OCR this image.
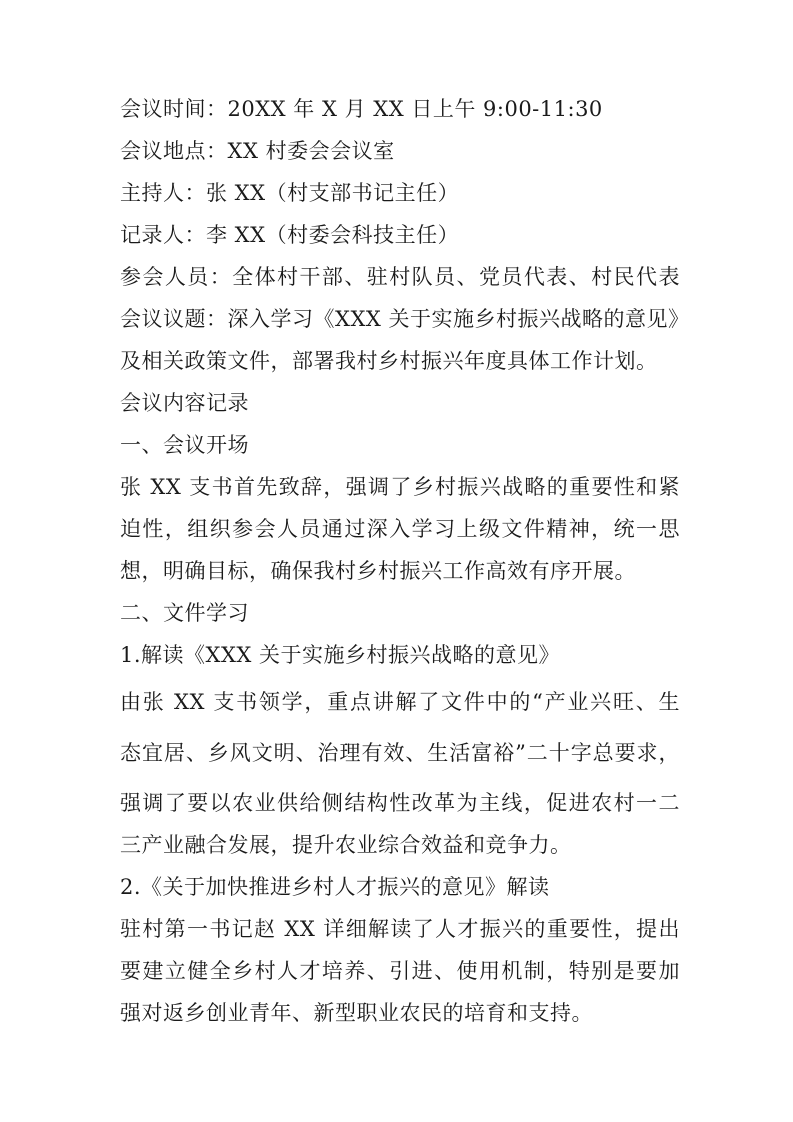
会议时间：20XX 年 X 月 XX 日上午 9:00-11:30
会议地点：XX 村委会会议室
主持人：张 XX（村支部书记主任）
记录人：李 XX（村委会科技主任）
参会人员：全体村干部、驻村队员、党员代表、村民代表
会议议题：深入学习《XXX 关于实施乡村振兴战略的意见》
及相关政策文件，部署我村乡村振兴年度具体工作计划。
会议内容记录
一、会议开场
张 XX 支书首先致辞，强调了乡村振兴战略的重要性和紧
迫性，组织参会人员通过深入学习上级文件精神，统一思
想，明确目标，确保我村乡村振兴工作高效有序开展。
二、文件学习
1.解读《XXX 关于实施乡村振兴战略的意见》
由张 XX 支书领学，重点讲解了文件中的“产业兴旺、生
态宜居、乡风文明、治理有效、生活富裕”二十字总要求，
强调了要以农业供给侧结构性改革为主线，促进农村一二
三产业融合发展，提升农业综合效益和竞争力。
2.《关于加快推进乡村人才振兴的意见》解读
驻村第一书记赵 XX 详细解读了人才振兴的重要性，提出
要建立健全乡村人才培养、引进、使用机制，特别是要加
强对返乡创业青年、新型职业农民的培育和支持。
